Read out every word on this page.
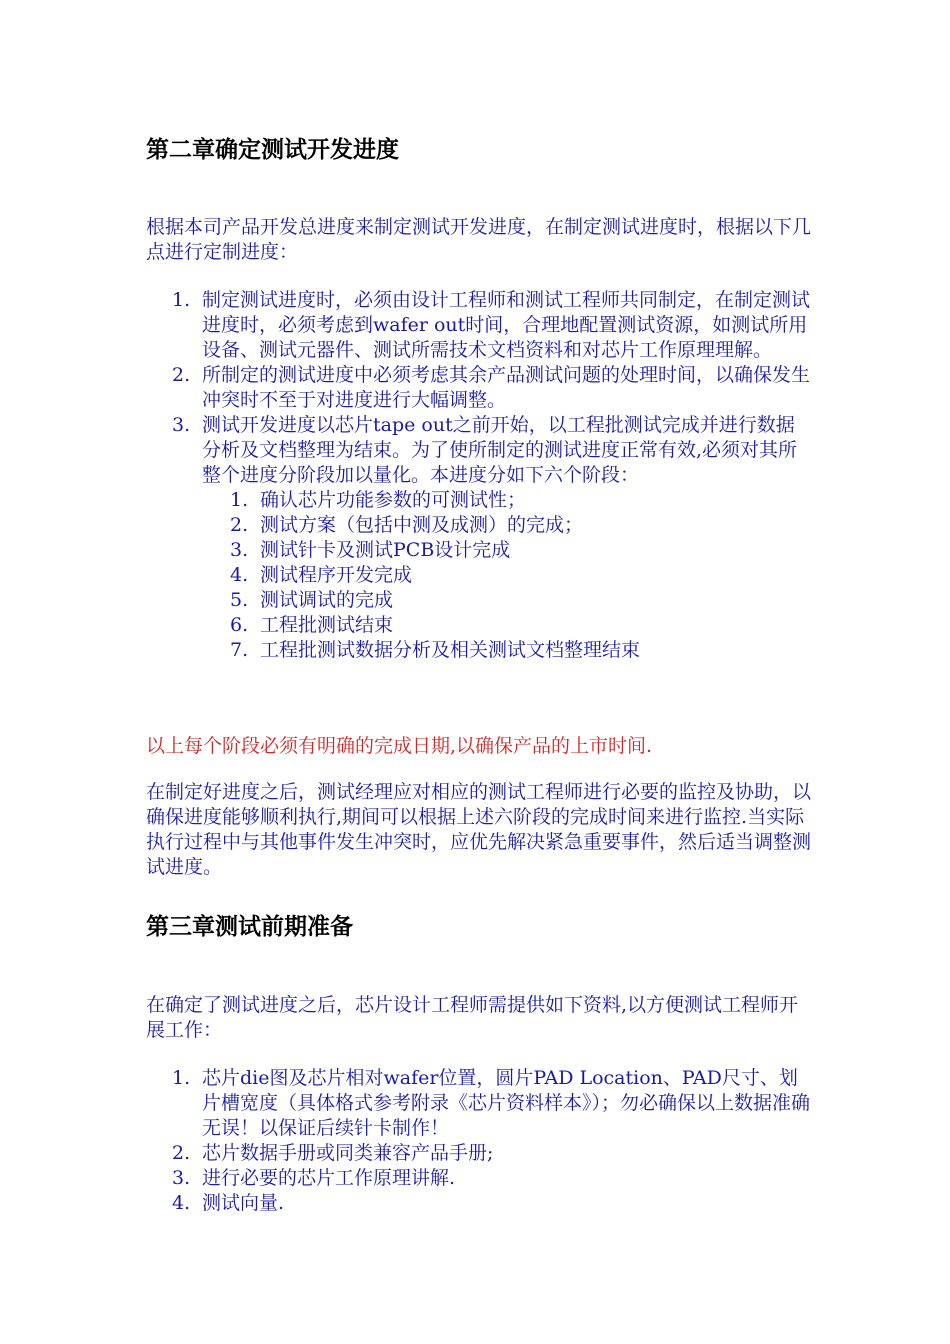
第二章确定测试开发进度
根据本司产品开发总进度来制定测试开发进度，在制定测试进度时，根据以下几点进行定制进度：
1. 制定测试进度时，必须由设计工程师和测试工程师共同制定，在制定测试进度时，必须考虑到wafer out时间，合理地配置测试资源，如测试所用设备、测试元器件、测试所需技术文档资料和对芯片工作原理理解。
2. 所制定的测试进度中必须考虑其余产品测试问题的处理时间，以确保发生冲突时不至于对进度进行大幅调整。
3. 测试开发进度以芯片tape out之前开始，以工程批测试完成并进行数据分析及文档整理为结束。为了使所制定的测试进度正常有效,必须对其所整个进度分阶段加以量化。本进度分如下六个阶段：
1. 确认芯片功能参数的可测试性；
2. 测试方案（包括中测及成测）的完成；
3. 测试针卡及测试PCB设计完成
4. 测试程序开发完成
5. 测试调试的完成
6. 工程批测试结束
7. 工程批测试数据分析及相关测试文档整理结束
以上每个阶段必须有明确的完成日期,以确保产品的上市时间.
在制定好进度之后，测试经理应对相应的测试工程师进行必要的监控及协助，以确保进度能够顺利执行,期间可以根据上述六阶段的完成时间来进行监控.当实际执行过程中与其他事件发生冲突时，应优先解决紧急重要事件，然后适当调整测试进度。
第三章测试前期准备
在确定了测试进度之后，芯片设计工程师需提供如下资料,以方便测试工程师开展工作：
1. 芯片die图及芯片相对wafer位置，圆片PAD Location、PAD尺寸、划片槽宽度（具体格式参考附录《芯片资料样本》）；勿必确保以上数据准确无误！以保证后续针卡制作！
2. 芯片数据手册或同类兼容产品手册;
3. 进行必要的芯片工作原理讲解.
4. 测试向量.
